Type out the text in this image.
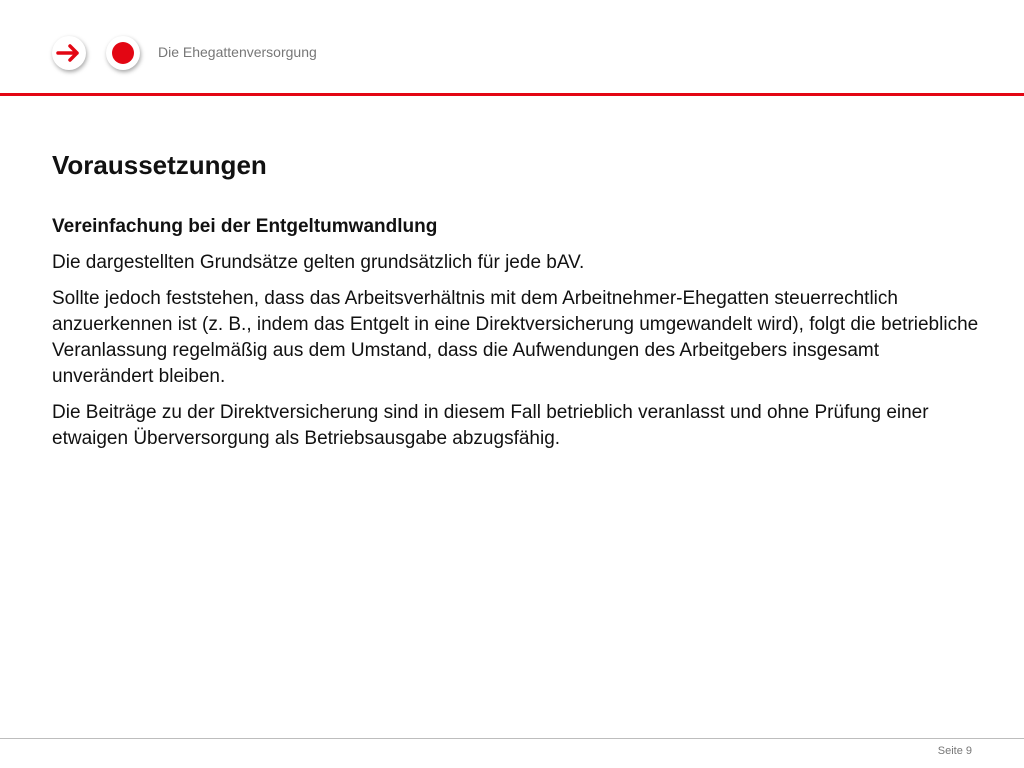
Die Ehegattenversorgung
Voraussetzungen
Vereinfachung bei der Entgeltumwandlung

Die dargestellten Grundsätze gelten grundsätzlich für jede bAV.

Sollte jedoch feststehen, dass das Arbeitsverhältnis mit dem Arbeitnehmer-Ehegatten steuerrechtlich anzuerkennen ist (z. B., indem das Entgelt in eine Direktversicherung umgewandelt wird), folgt die betriebliche Veranlassung regelmäßig aus dem Umstand, dass die Aufwendungen des Arbeitgebers insgesamt unverändert bleiben.

Die Beiträge zu der Direktversicherung sind in diesem Fall betrieblich veranlasst und ohne Prüfung einer etwaigen Überversorgung als Betriebsausgabe abzugsfähig.

Seite 9
